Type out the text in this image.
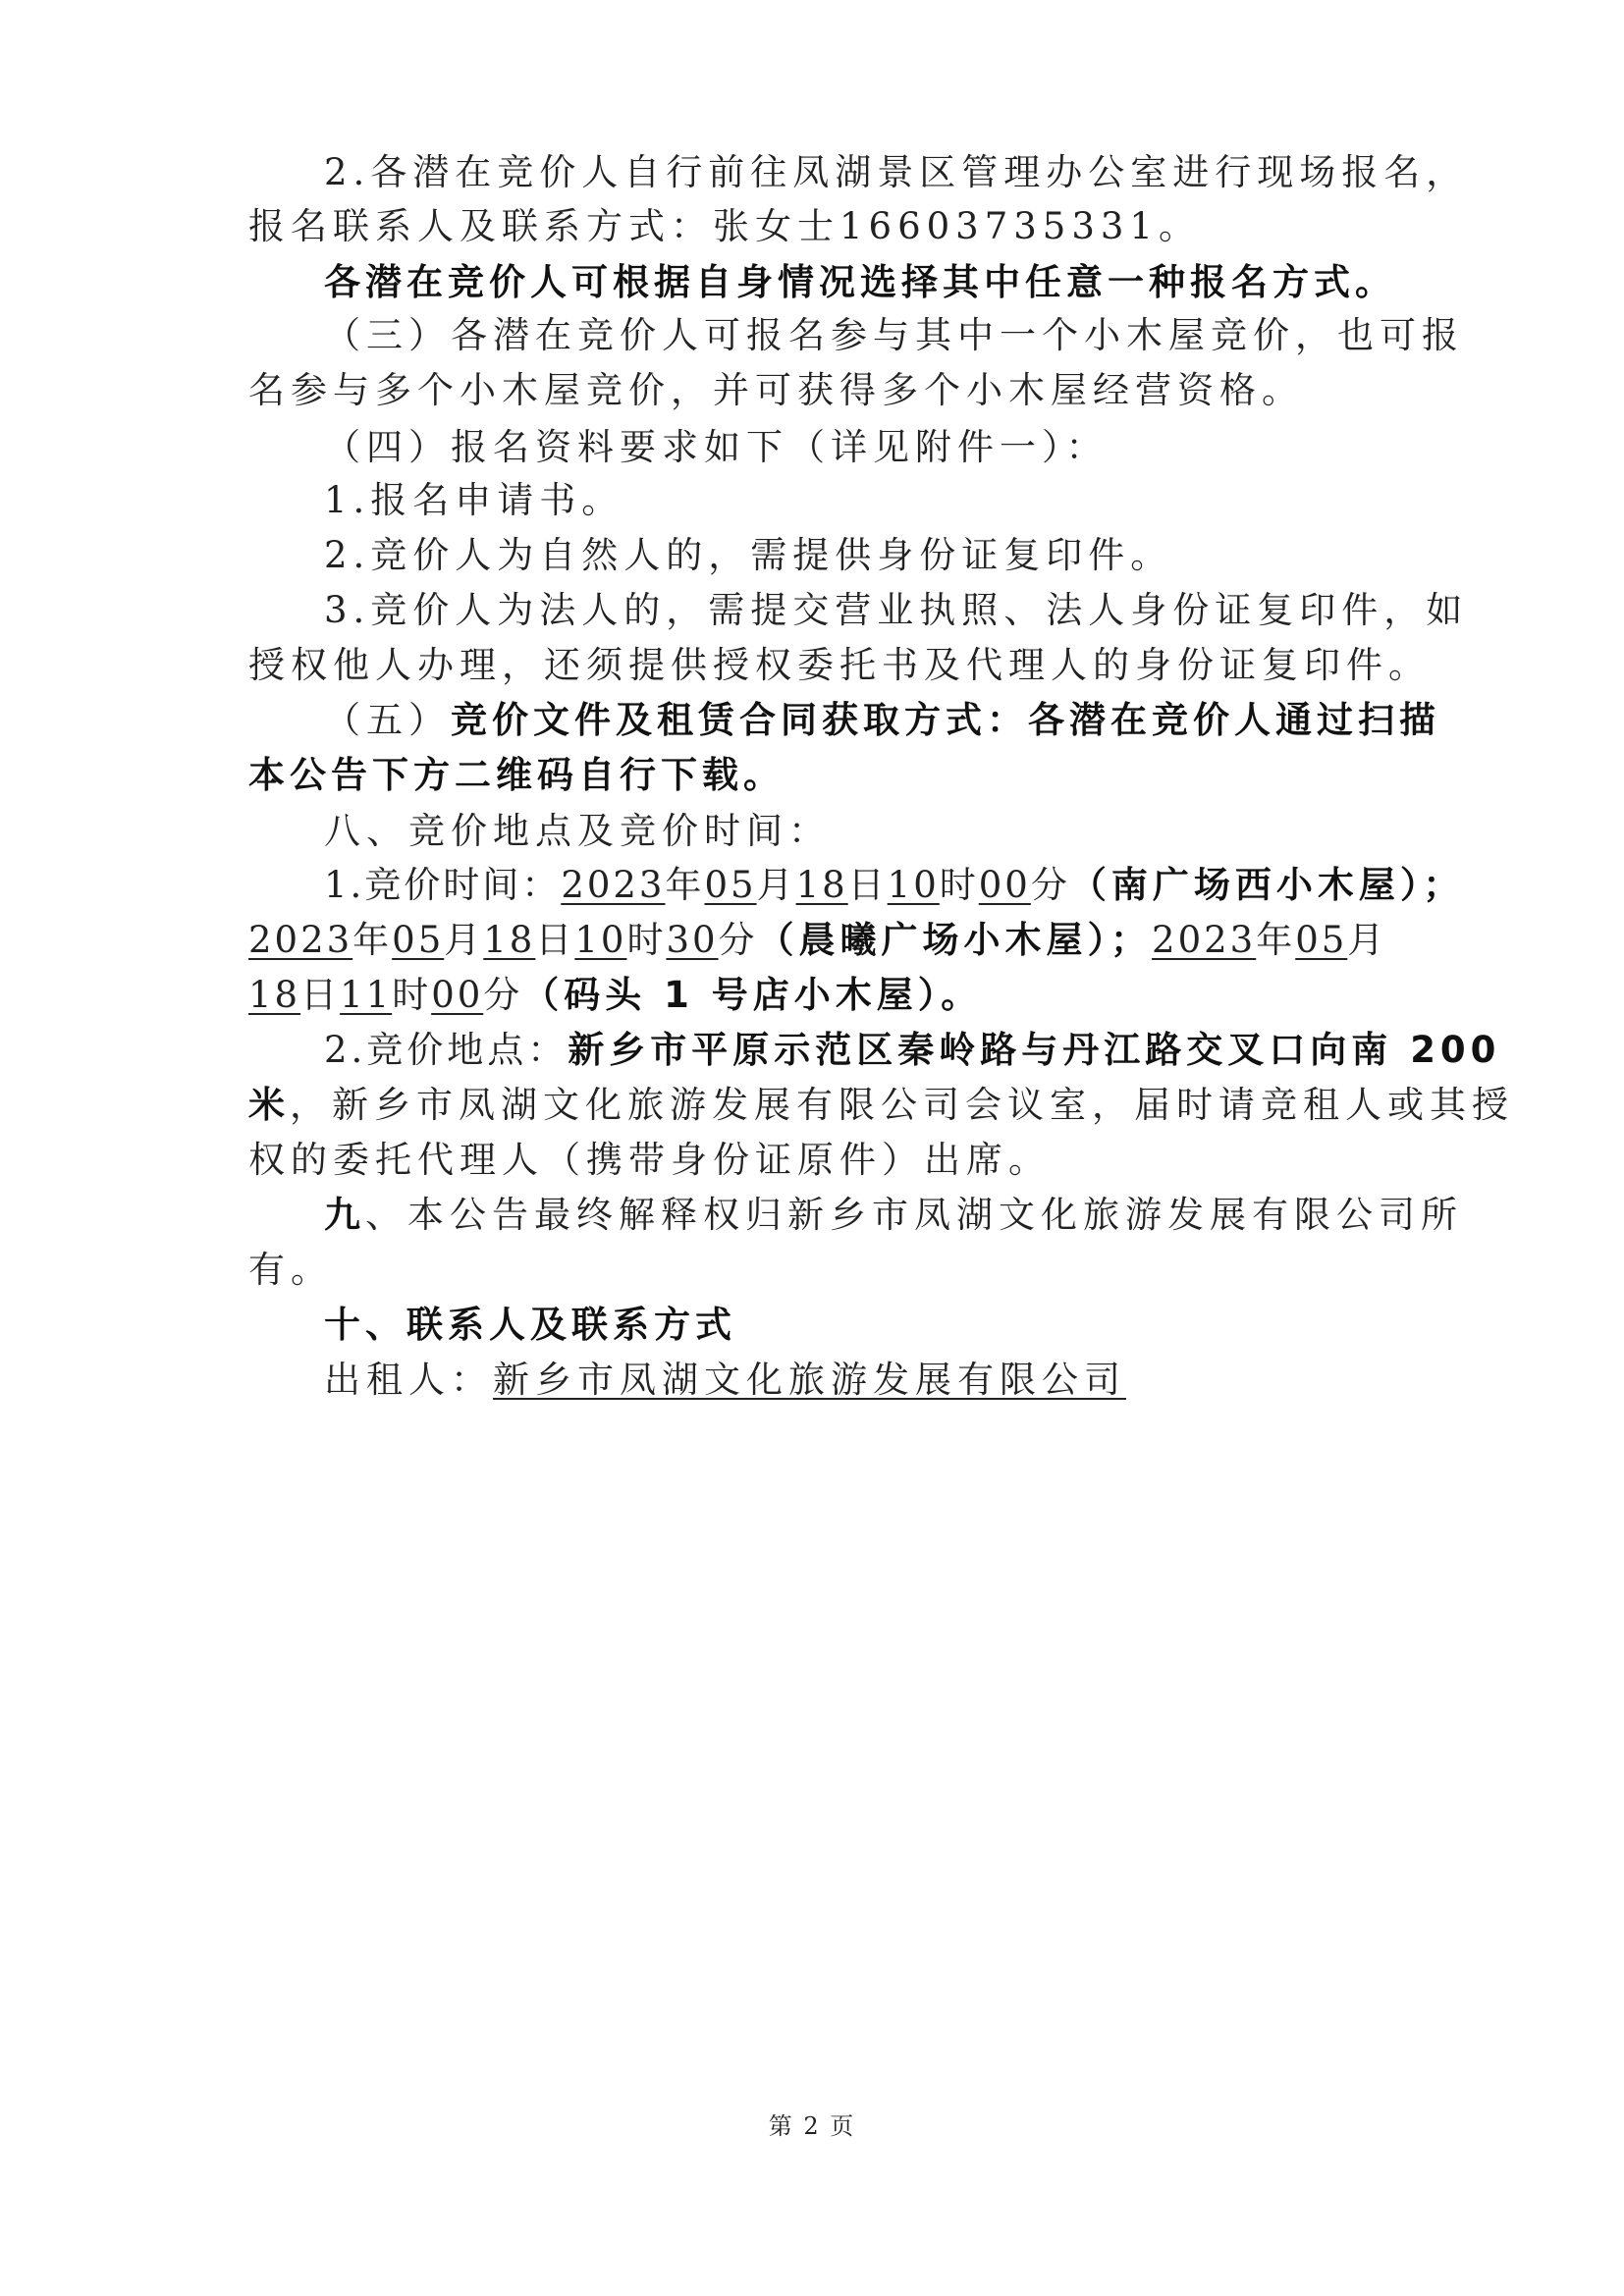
2.各潜在竞价人自行前往凤湖景区管理办公室进行现场报名，
报名联系人及联系方式：张女士16603735331。
各潜在竞价人可根据自身情况选择其中任意一种报名方式。
（三）各潜在竞价人可报名参与其中一个小木屋竞价，也可报
名参与多个小木屋竞价，并可获得多个小木屋经营资格。
（四）报名资料要求如下（详见附件一）：
1.报名申请书。
2.竞价人为自然人的，需提供身份证复印件。
3.竞价人为法人的，需提交营业执照、法人身份证复印件，如
授权他人办理，还须提供授权委托书及代理人的身份证复印件。
（五）竞价文件及租赁合同获取方式：各潜在竞价人通过扫描
本公告下方二维码自行下载。
八、竞价地点及竞价时间：
1.竞价时间：2023年05月18日10时00分（南广场西小木屋）；
2023年05月18日10时30分（晨曦广场小木屋）；2023年05月
18日11时00分（码头 1 号店小木屋）。
2.竞价地点：新乡市平原示范区秦岭路与丹江路交叉口向南 200
米，新乡市凤湖文化旅游发展有限公司会议室，届时请竞租人或其授
权的委托代理人（携带身份证原件）出席。
九、本公告最终解释权归新乡市凤湖文化旅游发展有限公司所
有。
十、联系人及联系方式
出租人：新乡市凤湖文化旅游发展有限公司
第 2 页
